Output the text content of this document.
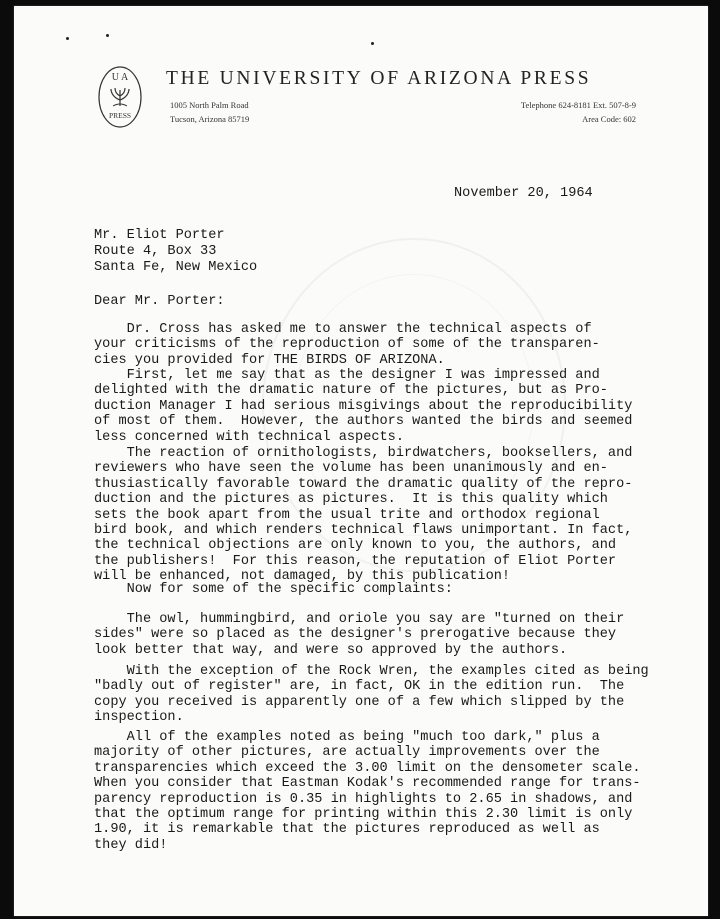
U A
PRESS
THE UNIVERSITY OF ARIZONA PRESS
1005 North Palm Road
Tucson, Arizona 85719
Telephone 624-8181 Ext. 507-8-9
Area Code: 602
November 20, 1964
Mr. Eliot Porter
Route 4, Box 33
Santa Fe, New Mexico
Dear Mr. Porter:
Dr. Cross has asked me to answer the technical aspects of
your criticisms of the reproduction of some of the transparen-
cies you provided for THE BIRDS OF ARIZONA.
First, let me say that as the designer I was impressed and
delighted with the dramatic nature of the pictures, but as Pro-
duction Manager I had serious misgivings about the reproducibility
of most of them.  However, the authors wanted the birds and seemed
less concerned with technical aspects.
The reaction of ornithologists, birdwatchers, booksellers, and
reviewers who have seen the volume has been unanimously and en-
thusiastically favorable toward the dramatic quality of the repro-
duction and the pictures as pictures.  It is this quality which
sets the book apart from the usual trite and orthodox regional
bird book, and which renders technical flaws unimportant. In fact,
the technical objections are only known to you, the authors, and
the publishers!  For this reason, the reputation of Eliot Porter
will be enhanced, not damaged, by this publication!
Now for some of the specific complaints:
The owl, hummingbird, and oriole you say are "turned on their
sides" were so placed as the designer's prerogative because they
look better that way, and were so approved by the authors.
With the exception of the Rock Wren, the examples cited as being
"badly out of register" are, in fact, OK in the edition run.  The
copy you received is apparently one of a few which slipped by the
inspection.
All of the examples noted as being "much too dark," plus a
majority of other pictures, are actually improvements over the
transparencies which exceed the 3.00 limit on the densometer scale.
When you consider that Eastman Kodak's recommended range for trans-
parency reproduction is 0.35 in highlights to 2.65 in shadows, and
that the optimum range for printing within this 2.30 limit is only
1.90, it is remarkable that the pictures reproduced as well as
they did!
